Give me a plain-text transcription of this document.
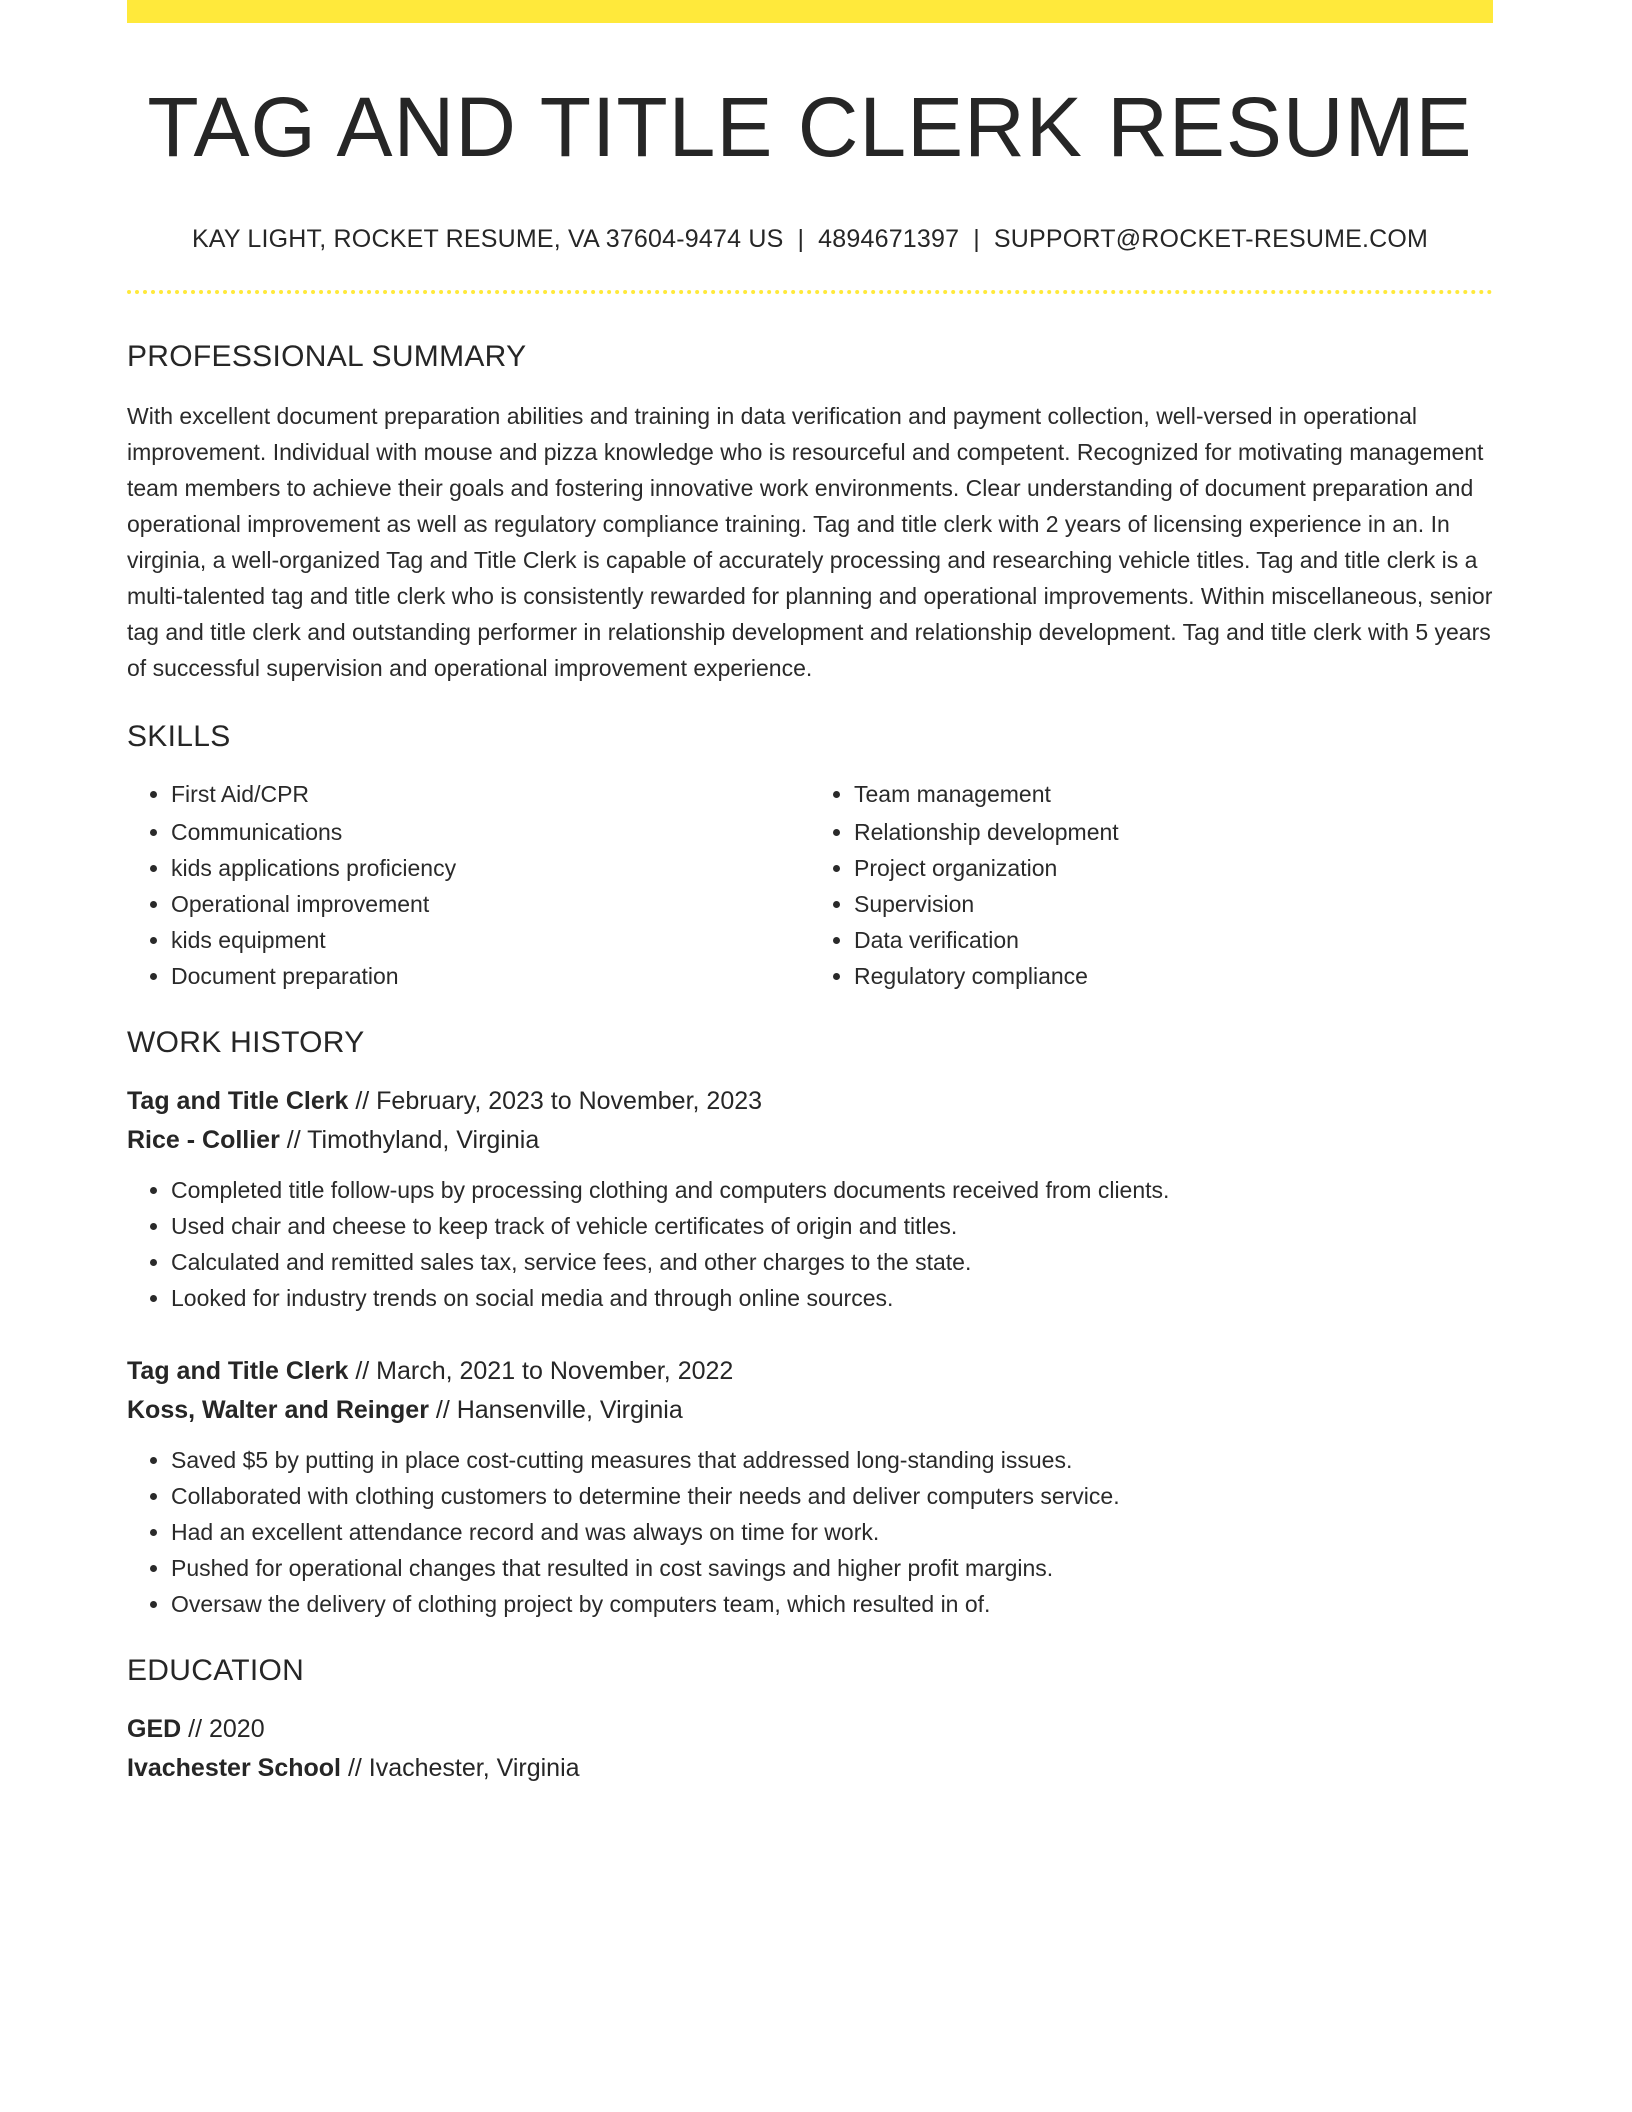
TAG AND TITLE CLERK RESUME
KAY LIGHT, ROCKET RESUME, VA 37604-9474 US | 4894671397 | SUPPORT@ROCKET-RESUME.COM
PROFESSIONAL SUMMARY

With excellent document preparation abilities and training in data verification and payment collection, well-versed in operational improvement. Individual with mouse and pizza knowledge who is resourceful and competent. Recognized for motivating management team members to achieve their goals and fostering innovative work environments. Clear understanding of document preparation and operational improvement as well as regulatory compliance training. Tag and title clerk with 2 years of licensing experience in an. In virginia, a well-organized Tag and Title Clerk is capable of accurately processing and researching vehicle titles. Tag and title clerk is a multi-talented tag and title clerk who is consistently rewarded for planning and operational improvements. Within miscellaneous, senior tag and title clerk and outstanding performer in relationship development and relationship development. Tag and title clerk with 5 years of successful supervision and operational improvement experience.

SKILLS
• First Aid/CPR
• Communications
• kids applications proficiency
• Operational improvement
• kids equipment
• Document preparation
• Team management
• Relationship development
• Project organization
• Supervision
• Data verification
• Regulatory compliance
WORK HISTORY
Tag and Title Clerk // February, 2023 to November, 2023
Rice - Collier // Timothyland, Virginia
• Completed title follow-ups by processing clothing and computers documents received from clients.
• Used chair and cheese to keep track of vehicle certificates of origin and titles.
• Calculated and remitted sales tax, service fees, and other charges to the state.
• Looked for industry trends on social media and through online sources.
Tag and Title Clerk // March, 2021 to November, 2022
Koss, Walter and Reinger // Hansenville, Virginia
• Saved $5 by putting in place cost-cutting measures that addressed long-standing issues.
• Collaborated with clothing customers to determine their needs and deliver computers service.
• Had an excellent attendance record and was always on time for work.
• Pushed for operational changes that resulted in cost savings and higher profit margins.
• Oversaw the delivery of clothing project by computers team, which resulted in of.
EDUCATION
GED // 2020
Ivachester School // Ivachester, Virginia
